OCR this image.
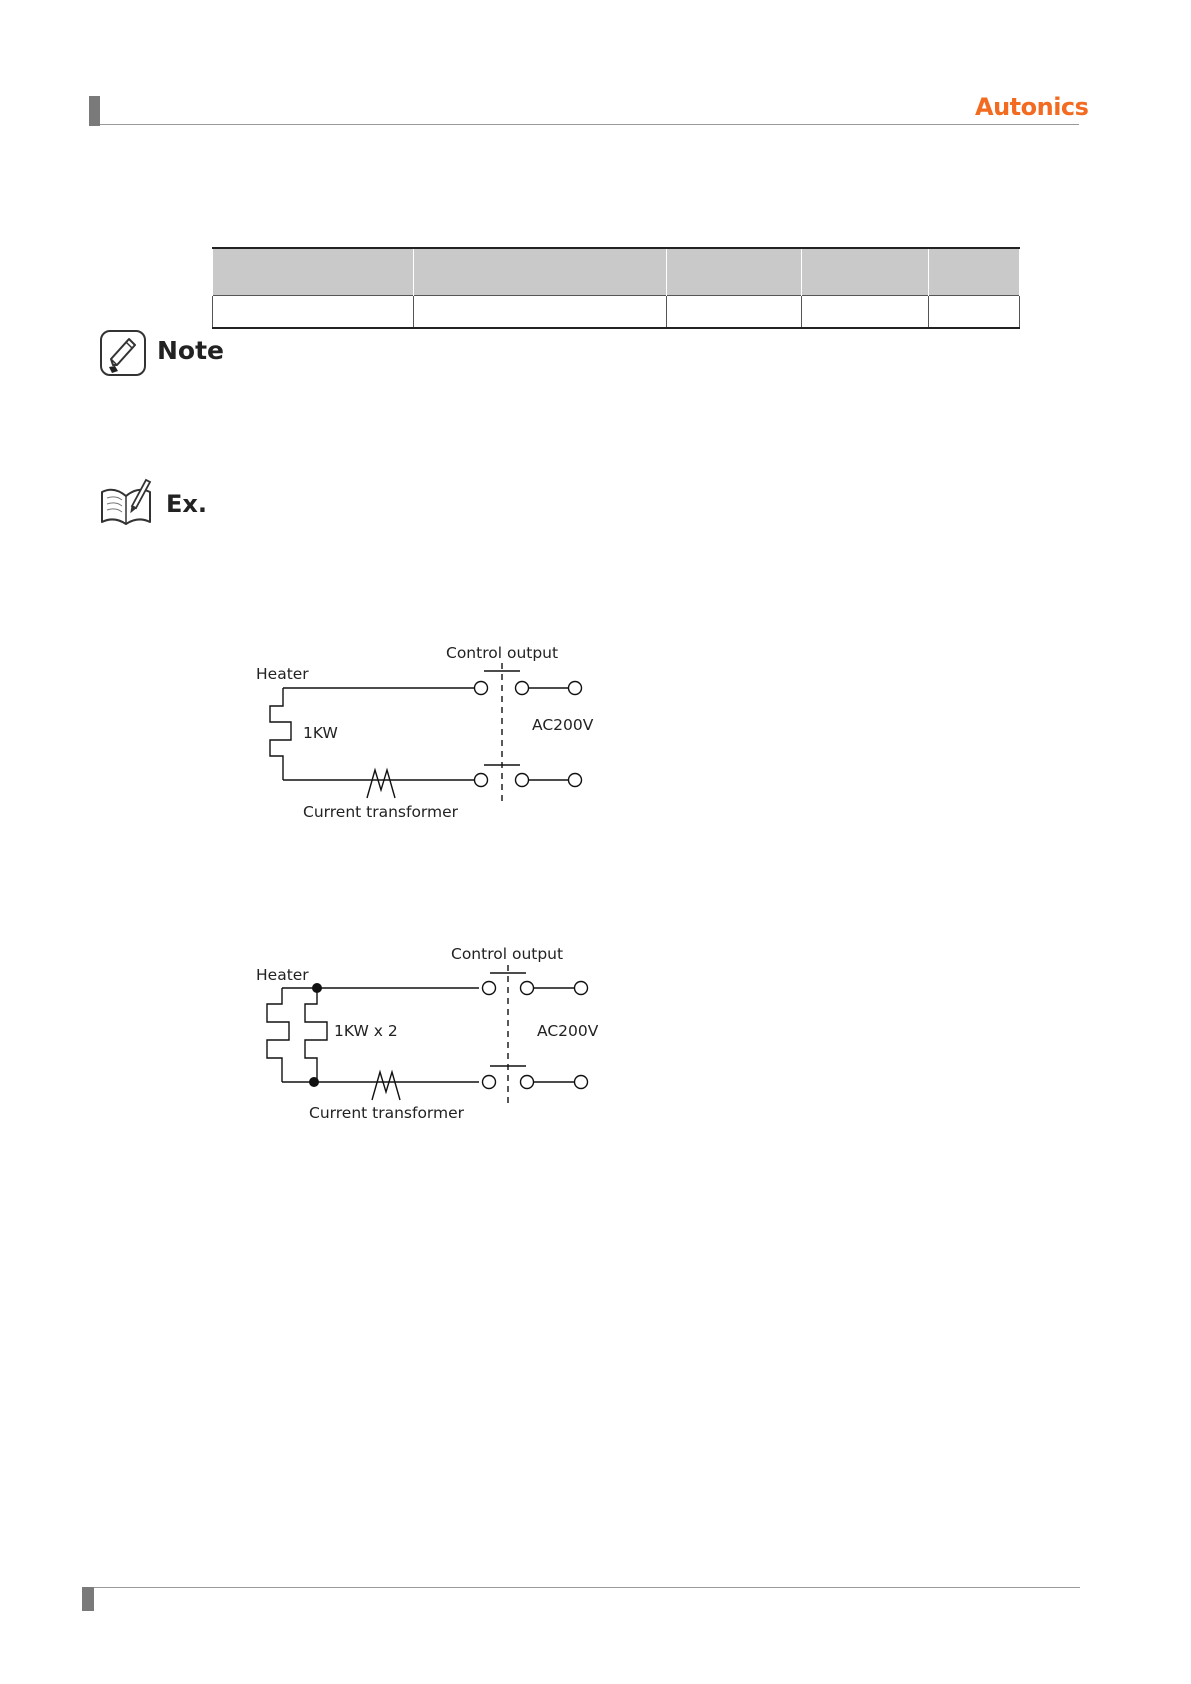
Autonics

Note
Ex.
Control output
Heater
1KW	AC200V
Current transformer
Control output
Heater
1KW x 2	AC200V
Current transformer
